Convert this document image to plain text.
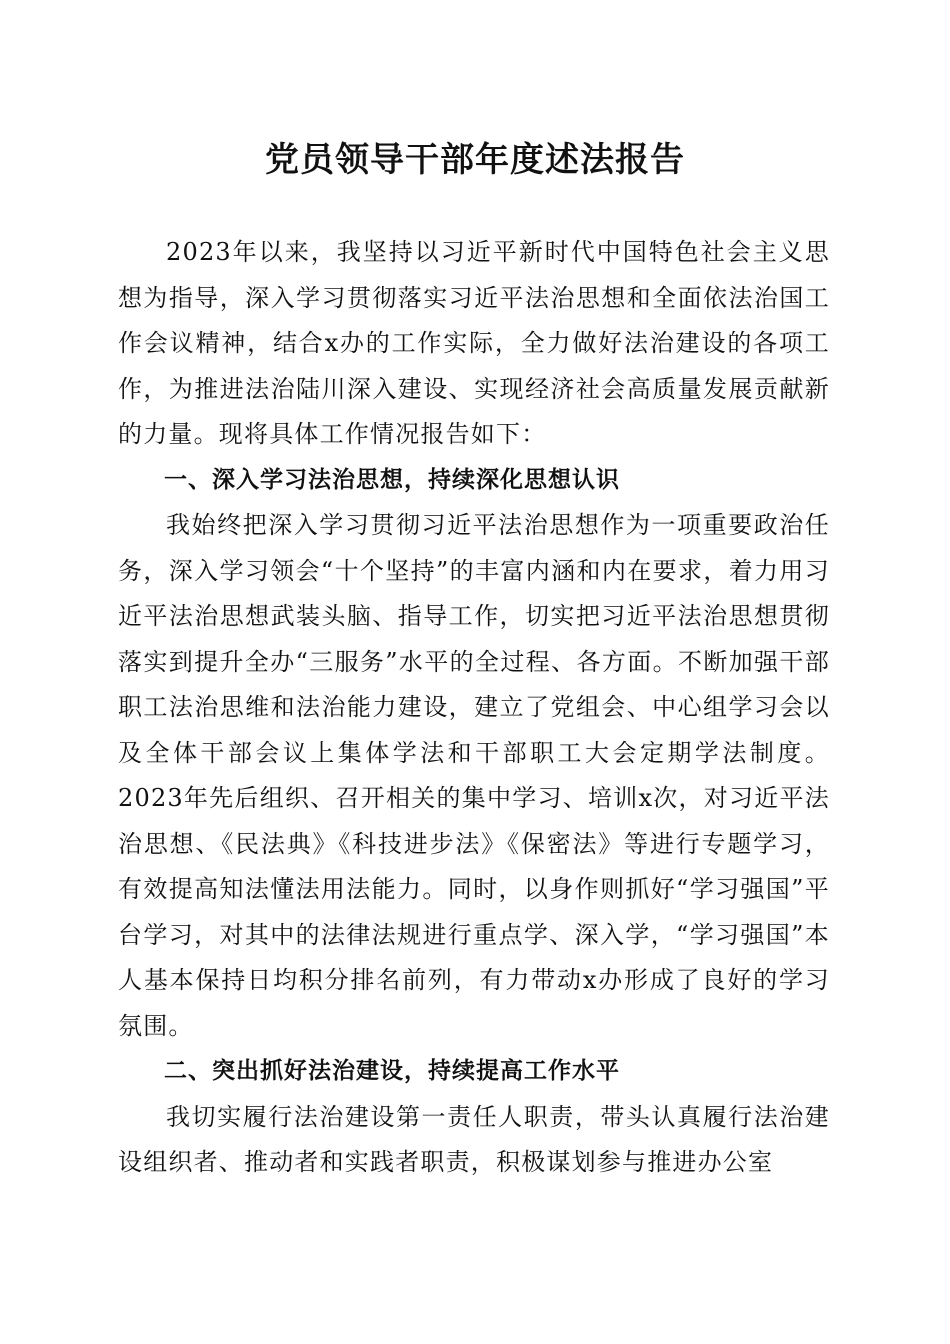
党员领导干部年度述法报告

2023年以来，我坚持以习近平新时代中国特色社会主义思想为指导，深入学习贯彻落实习近平法治思想和全面依法治国工作会议精神，结合x办的工作实际，全力做好法治建设的各项工作，为推进法治陆川深入建设、实现经济社会高质量发展贡献新的力量。现将具体工作情况报告如下：

一、深入学习法治思想，持续深化思想认识

我始终把深入学习贯彻习近平法治思想作为一项重要政治任务，深入学习领会“十个坚持”的丰富内涵和内在要求，着力用习近平法治思想武装头脑、指导工作，切实把习近平法治思想贯彻落实到提升全办“三服务”水平的全过程、各方面。不断加强干部职工法治思维和法治能力建设，建立了党组会、中心组学习会以及全体干部会议上集体学法和干部职工大会定期学法制度。2023年先后组织、召开相关的集中学习、培训x次，对习近平法治思想、《民法典》《科技进步法》《保密法》等进行专题学习，有效提高知法懂法用法能力。同时，以身作则抓好“学习强国”平台学习，对其中的法律法规进行重点学、深入学，“学习强国”本人基本保持日均积分排名前列，有力带动x办形成了良好的学习氛围。

二、突出抓好法治建设，持续提高工作水平

我切实履行法治建设第一责任人职责，带头认真履行法治建设组织者、推动者和实践者职责，积极谋划参与推进办公室
